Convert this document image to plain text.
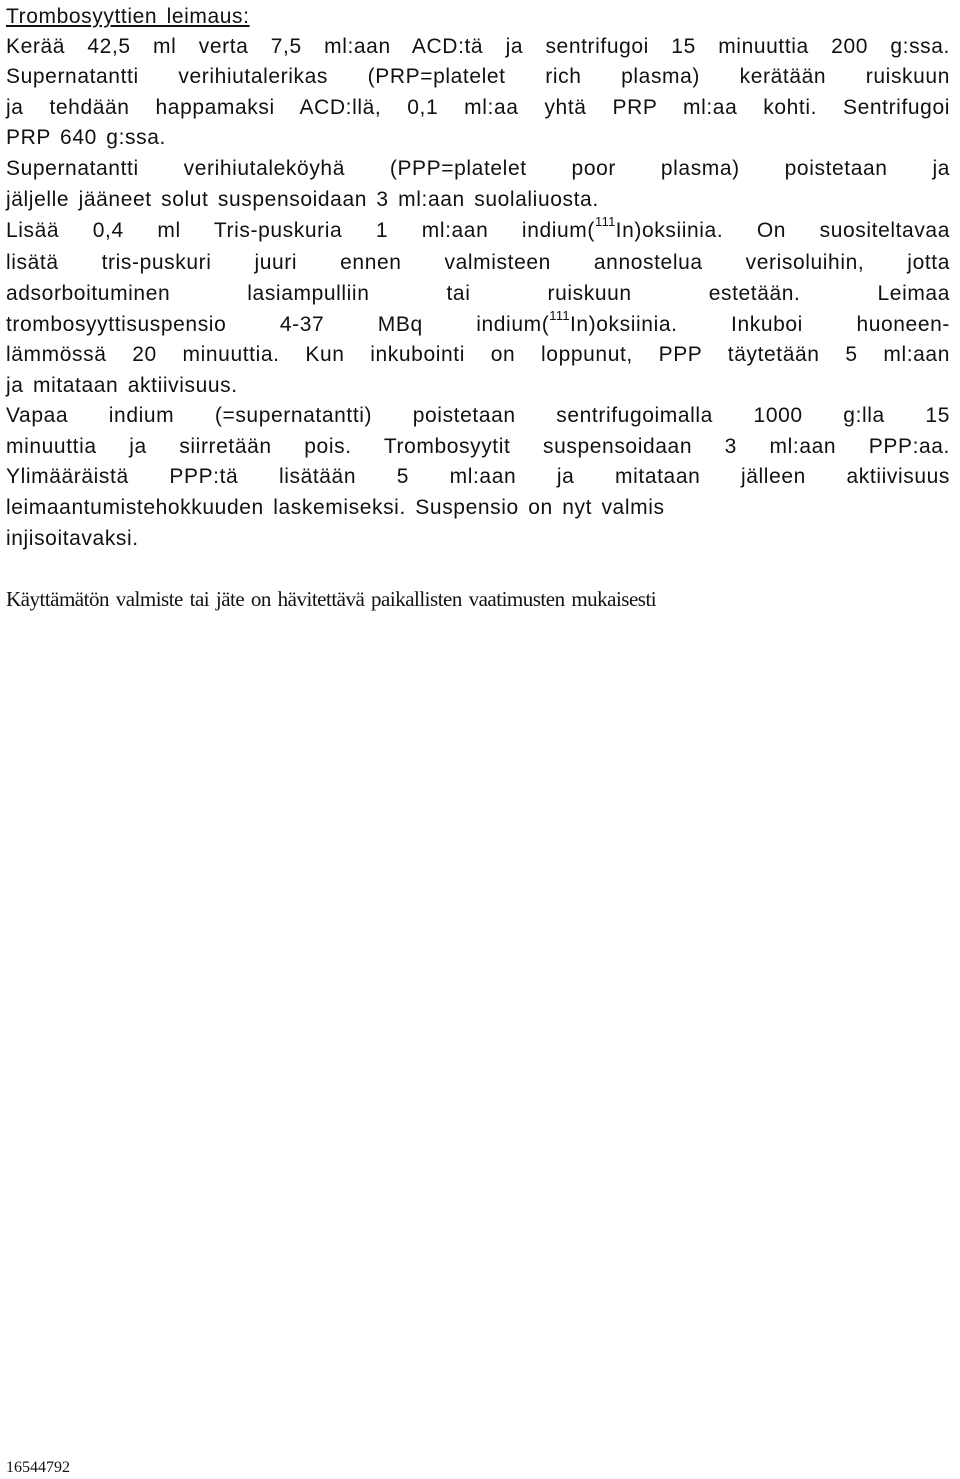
Trombosyyttien leimaus:
Kerää 42,5 ml verta 7,5 ml:aan ACD:tä ja sentrifugoi 15 minuuttia 200 g:ssa.
Supernatantti verihiutalerikas (PRP=platelet rich plasma) kerätään ruiskuun
ja tehdään happamaksi ACD:llä, 0,1 ml:aa yhtä PRP ml:aa kohti. Sentrifugoi
PRP 640 g:ssa.
Supernatantti verihiutaleköyhä (PPP=platelet poor plasma) poistetaan ja
jäljelle jääneet solut suspensoidaan 3 ml:aan suolaliuosta.
Lisää 0,4 ml Tris-puskuria 1 ml:aan indium($^{111}$In)oksiinia. On suositeltavaa
lisätä tris-puskuri juuri ennen valmisteen annostelua verisoluihin, jotta
adsorboituminen lasiampulliin tai ruiskuun estetään. Leimaa
trombosyyttisuspensio 4-37 MBq indium($^{111}$In)oksiinia. Inkuboi huoneen-
lämmössä 20 minuuttia. Kun inkubointi on loppunut, PPP täytetään 5 ml:aan
ja mitataan aktiivisuus.
Vapaa indium (=supernatantti) poistetaan sentrifugoimalla 1000 g:lla 15
minuuttia ja siirretään pois. Trombosyytit suspensoidaan 3 ml:aan PPP:aa.
Ylimääräistä PPP:tä lisätään 5 ml:aan ja mitataan jälleen aktiivisuus
leimaantumistehokkuuden laskemiseksi. Suspensio on nyt valmis
injisoitavaksi.
Käyttämätön valmiste tai jäte on hävitettävä paikallisten vaatimusten mukaisesti
16544792
